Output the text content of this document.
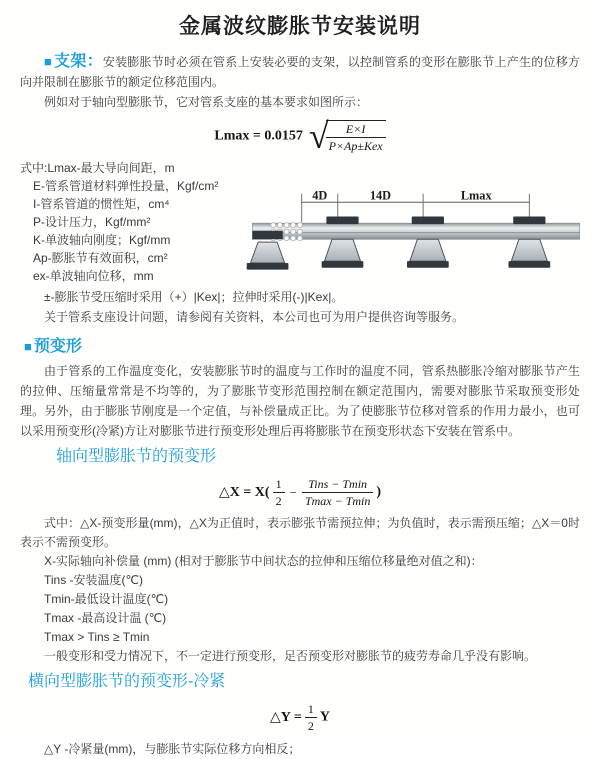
金属波纹膨胀节安装说明

■ 支架：安装膨胀节时必须在管系上安装必要的支架，以控制管系的变形在膨胀节上产生的位移方向并限制在膨胀节的额定位移范围内。

例如对于轴向型膨胀节，它对管系支座的基本要求如图所示：

Lmax = 0.0157 √
$\frac{E\times I}{\text{P×Ap±Kex}}$
式中:Lmax-最大导向间距，m
E-管系管道材料弹性投量，Kgf/cm²
I-管系管道的惯性矩，cm⁴
P-设计压力，Kgf/mm²
K-单波轴向刚度；Kgf/mm
Ap-膨胀节有效面积，cm²
ex-单波轴向位移，mm
4D	14D	Lmax

±-膨胀节受压缩时采用（+）|Kex|；拉伸时采用(-)|Kex|。

关于管系支座设计问题，请参阅有关资料，本公司也可为用户提供咨询等服务。

■ 预变形

由于管系的工作温度变化，安装膨胀节时的温度与工作时的温度不同，管系热膨胀冷缩对膨胀节产生的拉伸、压缩量常常是不均等的，为了膨胀节变形范围控制在额定范围内，需要对膨胀节采取预变形处理。另外，由于膨胀节刚度是一个定值，与补偿量成正比。为了使膨胀节位移对管系的作用力最小，也可以采用预变形(冷紧)方让对膨胀节进行预变形处理后再将膨胀节在预变形状态下安装在管系中。

轴向型膨胀节的预变形
△X = $X( \frac{1}{2} - \frac{\text{Tins − Tmin}}{Tmax - Tmin}$ )

式中：△X-预变形量(mm)，△X为正值时，表示膨张节需预拉伸；为负值时，表示需预压缩；△X＝0时表示不需预变形。

X-实际轴向补偿量 (mm) (相对于膨胀节中间状态的拉伸和压缩位移量绝对值之和)：

Tins -安装温度(℃)

Tmin-最低设计温度(℃)

Tmax -最高设计温 (℃)

Tmax > Tins ≥ Tmin

一般变形和受力情况下，不一定进行预变形，足否预变形对膨胀节的疲劳寿命几乎没有影响。

横向型膨胀节的预变形-冷紧
△Y = $\frac{1}{2}$ Y

△Y -冷紧量(mm)，与膨胀节实际位移方向相反；
